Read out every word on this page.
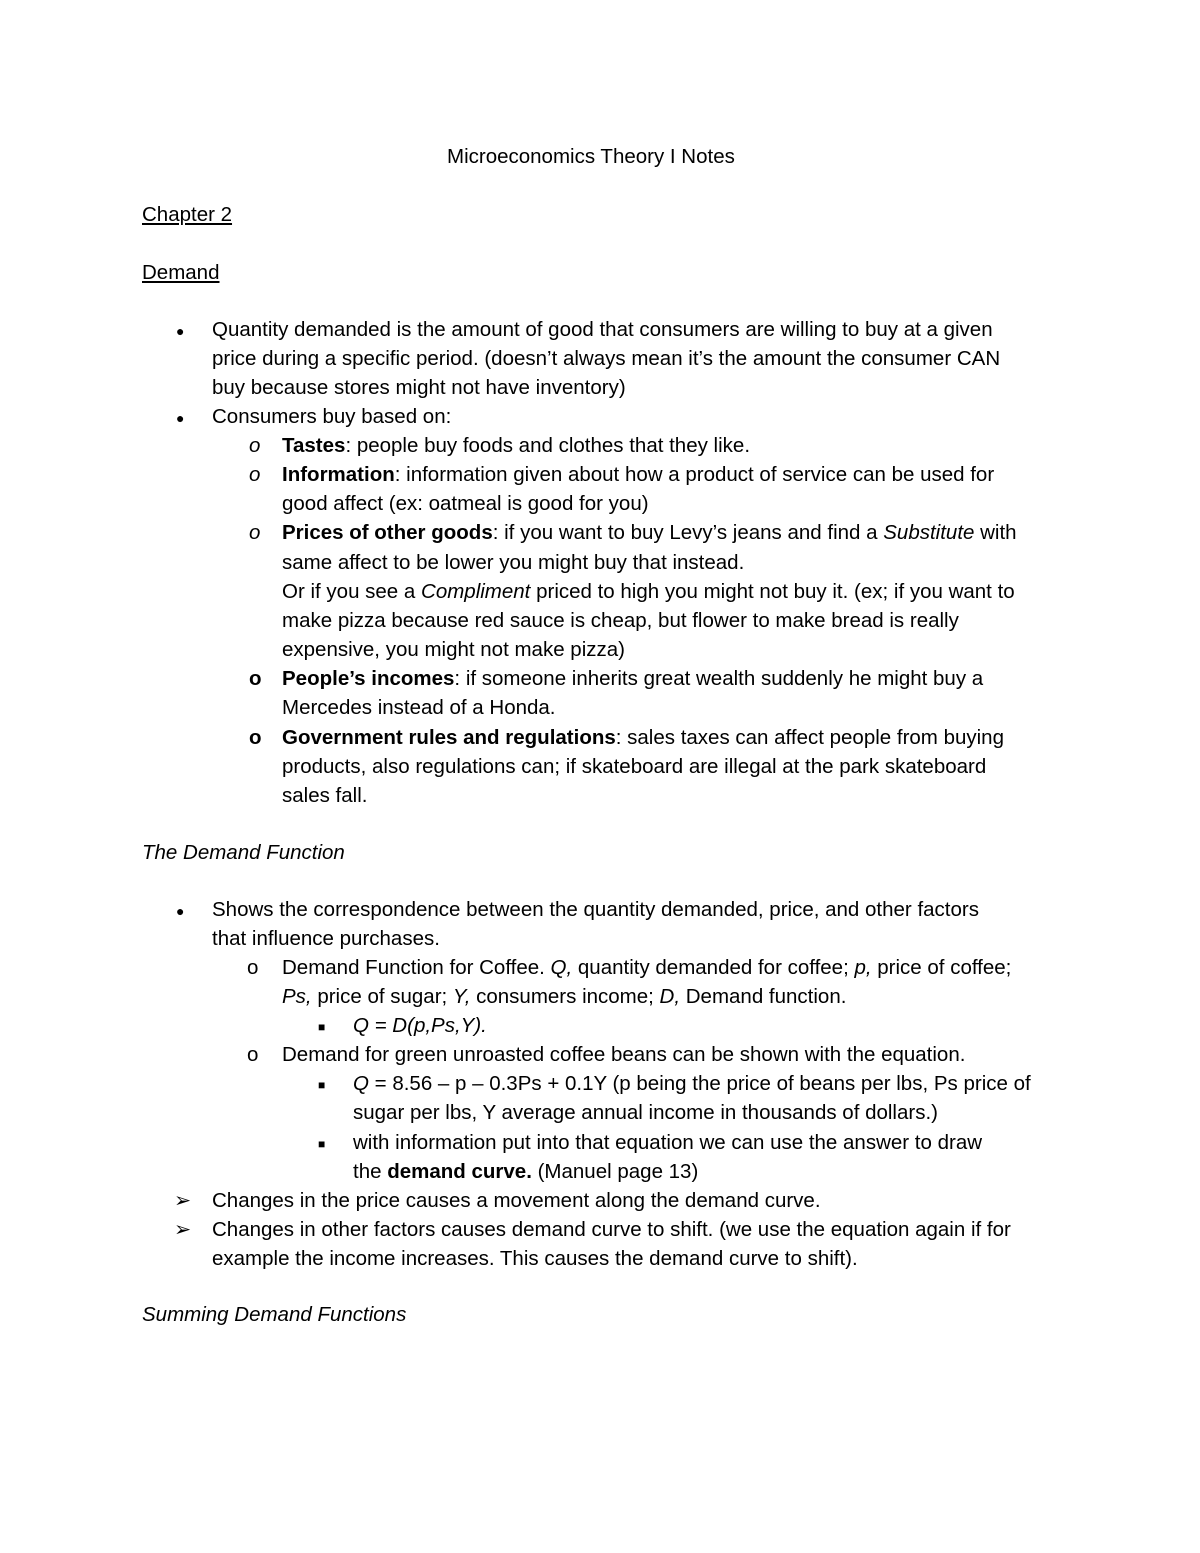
Microeconomics Theory I Notes
Chapter 2
Demand
● Quantity demanded is the amount of good that consumers are willing to buy at a given
price during a specific period. (doesn’t always mean it’s the amount the consumer CAN
buy because stores might not have inventory)
● Consumers buy based on:
o Tastes: people buy foods and clothes that they like.
o Information: information given about how a product of service can be used for
good affect (ex: oatmeal is good for you)
o Prices of other goods: if you want to buy Levy’s jeans and find a Substitute with
same affect to be lower you might buy that instead.
Or if you see a Compliment priced to high you might not buy it. (ex; if you want to
make pizza because red sauce is cheap, but flower to make bread is really
expensive, you might not make pizza)
o People’s incomes: if someone inherits great wealth suddenly he might buy a
Mercedes instead of a Honda.
o Government rules and regulations: sales taxes can affect people from buying
products, also regulations can; if skateboard are illegal at the park skateboard
sales fall.
The Demand Function
● Shows the correspondence between the quantity demanded, price, and other factors
that influence purchases.
o Demand Function for Coffee. Q, quantity demanded for coffee; p, price of coffee;
Ps, price of sugar; Y, consumers income; D, Demand function.
■ Q = D(p,Ps,Y).
o Demand for green unroasted coffee beans can be shown with the equation.
■ Q = 8.56 – p – 0.3Ps + 0.1Y (p being the price of beans per lbs, Ps price of
sugar per lbs, Y average annual income in thousands of dollars.)
■ with information put into that equation we can use the answer to draw
the demand curve. (Manuel page 13)
➢ Changes in the price causes a movement along the demand curve.
➢ Changes in other factors causes demand curve to shift. (we use the equation again if for
example the income increases. This causes the demand curve to shift).
Summing Demand Functions
